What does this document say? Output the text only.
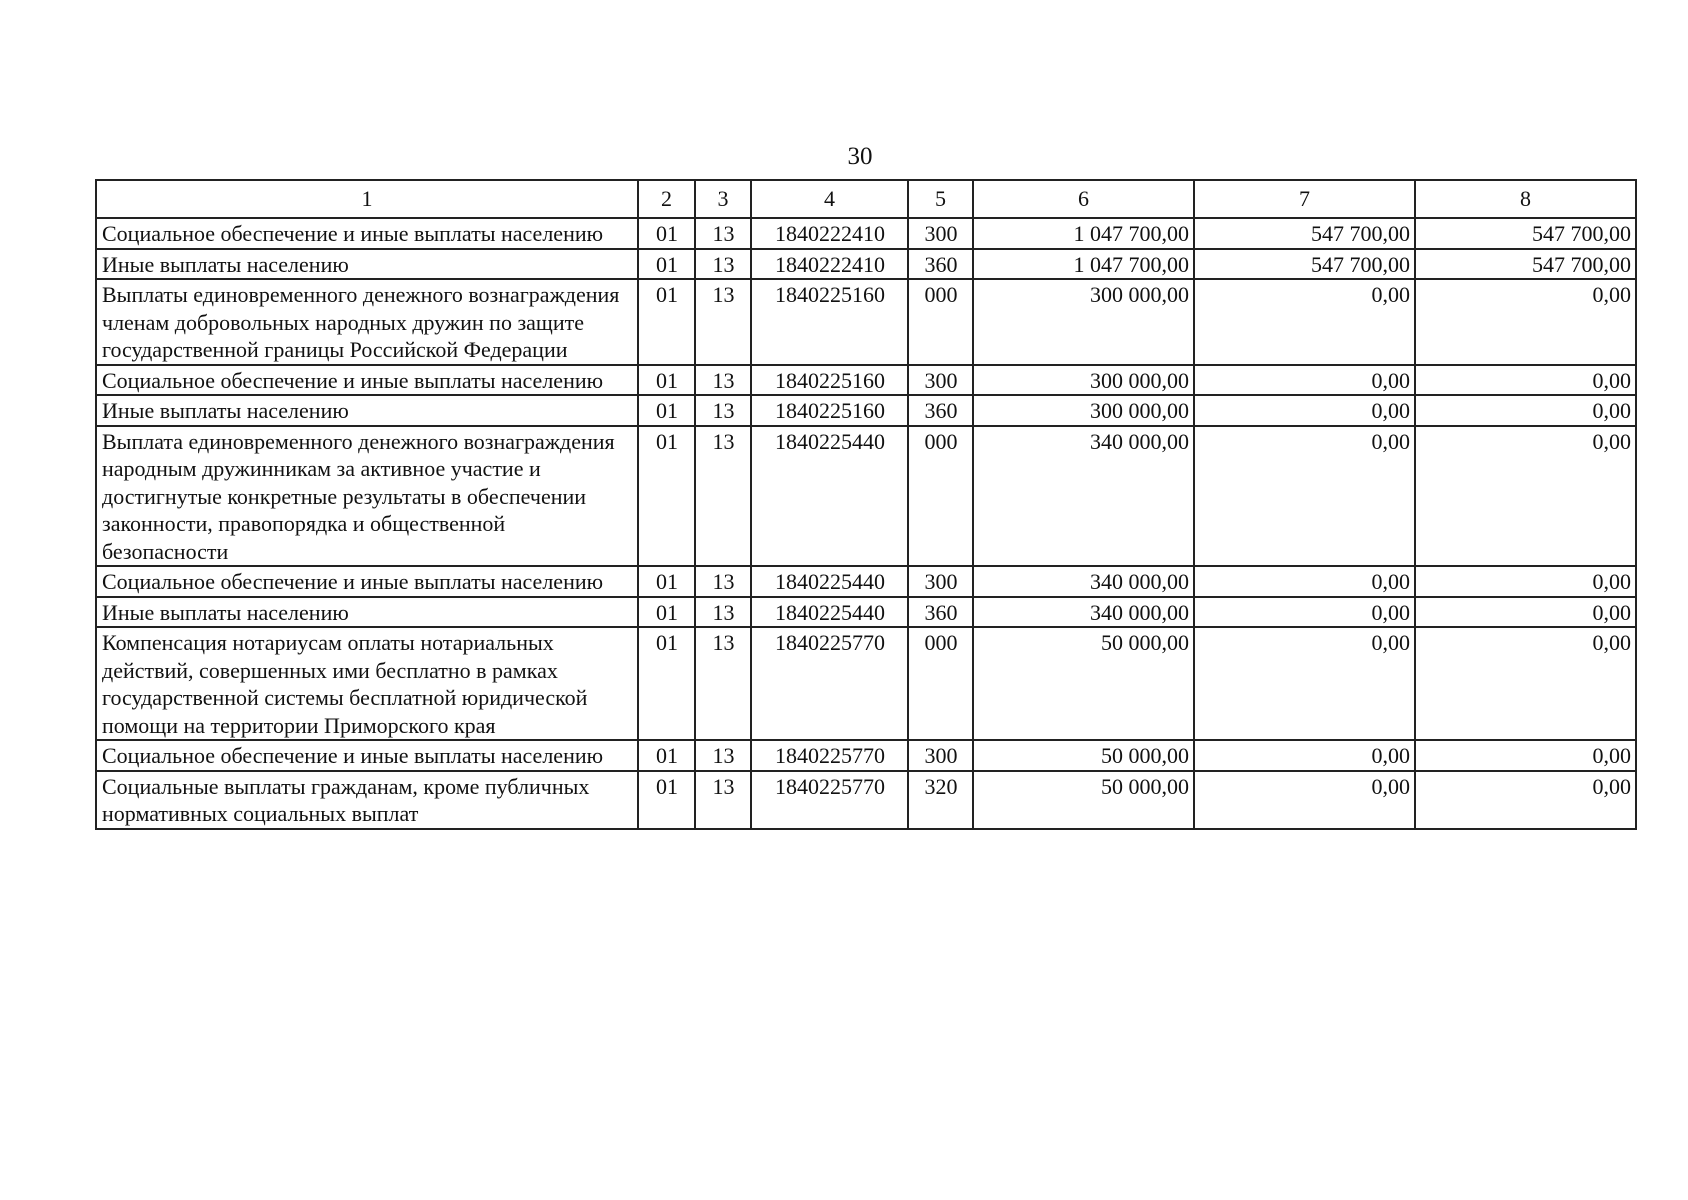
30
1	2	3	4	5	6	7	8
Социальное обеспечение и иные выплаты населению	01	13	1840222410	300	1 047 700,00	547 700,00	547 700,00
Иные выплаты населению	01	13	1840222410	360	1 047 700,00	547 700,00	547 700,00
Выплаты единовременного денежного вознаграждения членам добровольных народных дружин по защите государственной границы Российской Федерации	01	13	1840225160	000	300 000,00	0,00	0,00
Социальное обеспечение и иные выплаты населению	01	13	1840225160	300	300 000,00	0,00	0,00
Иные выплаты населению	01	13	1840225160	360	300 000,00	0,00	0,00
Выплата единовременного денежного вознаграждения народным дружинникам за активное участие и достигнутые конкретные результаты в обеспечении законности, правопорядка и общественной безопасности	01	13	1840225440	000	340 000,00	0,00	0,00
Социальное обеспечение и иные выплаты населению	01	13	1840225440	300	340 000,00	0,00	0,00
Иные выплаты населению	01	13	1840225440	360	340 000,00	0,00	0,00
Компенсация нотариусам оплаты нотариальных действий, совершенных ими бесплатно в рамках государственной системы бесплатной юридической помощи на территории Приморского края	01	13	1840225770	000	50 000,00	0,00	0,00
Социальное обеспечение и иные выплаты населению	01	13	1840225770	300	50 000,00	0,00	0,00
Социальные выплаты гражданам, кроме публичных нормативных социальных выплат	01	13	1840225770	320	50 000,00	0,00	0,00
